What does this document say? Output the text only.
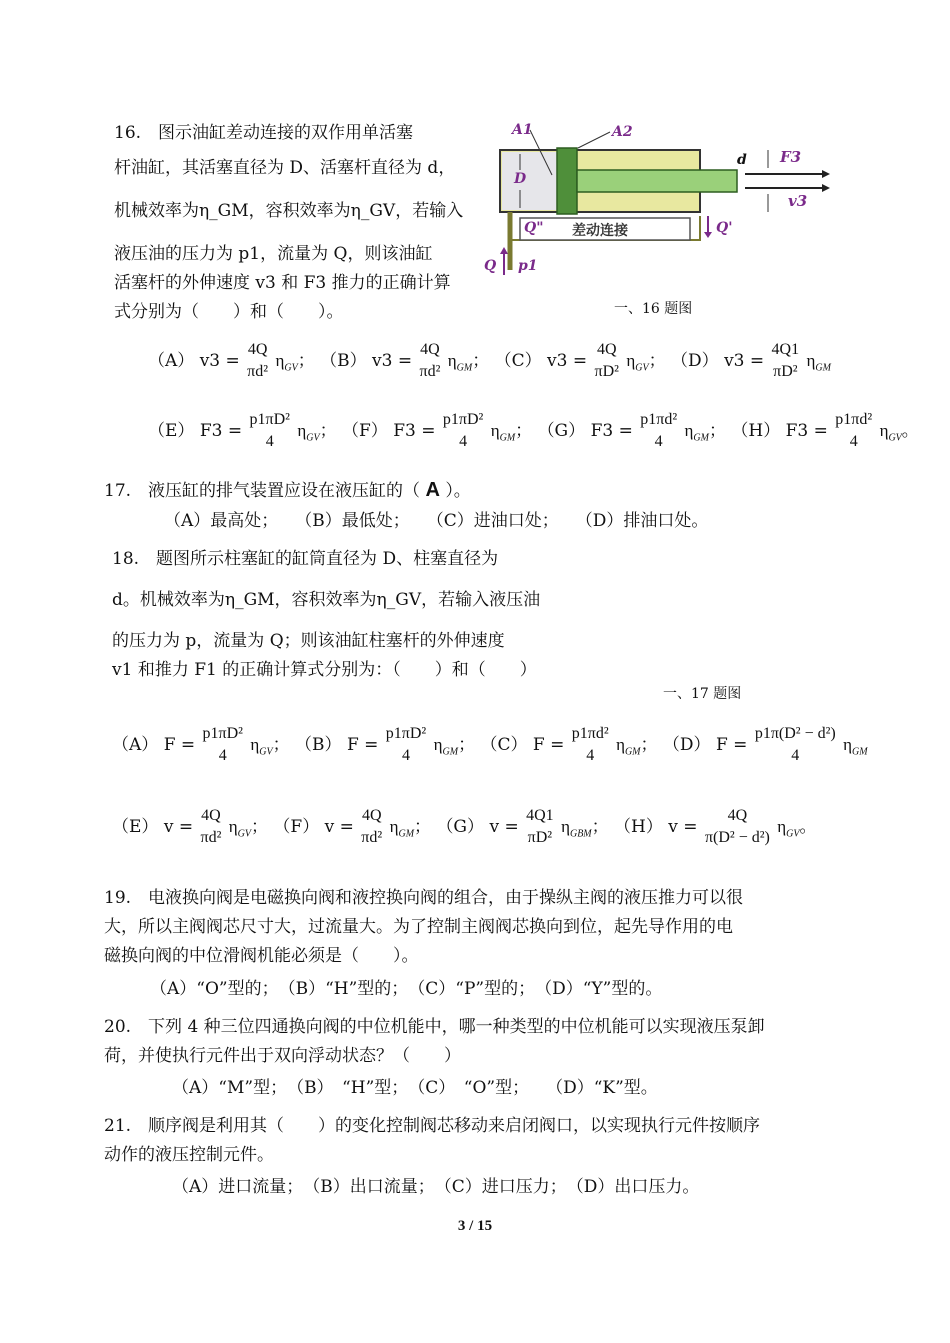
16.　图示油缸差动连接的双作用单活塞
杆油缸，其活塞直径为 D、活塞杆直径为 d，
机械效率为η_GM，容积效率为η_GV，若输入
液压油的压力为 p1，流量为 Q，则该油缸
活塞杆的外伸速度 v3 和 F3 推力的正确计算
式分别为（　　）和（　　）。
A1	A2
D
d F3
v3
Q" 差动连接	Q'
Q p1
一、16 题图
（A） v3 =
4Q
πd²
$\eta_{GV}$； （B） v3 =
4Q
πd²
$\eta_{GM}$； （C） v3 =
4Q
πD²
$\eta_{GV}$； （D） v3 =
4Q1
πD²
$\eta_{GM}$
（E） F3 =
p1πD²
4
$\eta_{GV}$； （F） F3 =
p1πD²
4
$\eta_{GM}$； （G） F3 =
p1πd²
4
$\eta_{GM}$； （H） F3 =
p1πd²
4
$\eta_{GV}$。
17.　液压缸的排气装置应设在液压缸的（ A ）。
（A）最高处；　　（B）最低处；　　（C）进油口处；　　（D）排油口处。
18.　题图所示柱塞缸的缸筒直径为 D、柱塞直径为
d。机械效率为η_GM，容积效率为η_GV，若输入液压油
的压力为 p，流量为 Q；则该油缸柱塞杆的外伸速度
v1 和推力 F1 的正确计算式分别为：（　　）和（　　）
一、17 题图
（A） F =
p1πD²
4
$\eta_{GV}$； （B） F =
p1πD²
4
$\eta_{GM}$； （C） F =
p1πd²
4
$\eta_{GM}$； （D） F =
p1π(D² − d²)
4
$\eta_{GM}$
（E） v =
4Q
πd²
$\eta_{GV}$； （F） v =
4Q
πd²
$\eta_{GM}$； （G） v =
4Q1
πD²
$\eta_{GBM}$； （H） v =
4Q
π(D² − d²)
$\eta_{GV}$。
19.　电液换向阀是电磁换向阀和液控换向阀的组合，由于操纵主阀的液压推力可以很
大，所以主阀阀芯尺寸大，过流量大。为了控制主阀阀芯换向到位，起先导作用的电
磁换向阀的中位滑阀机能必须是（　　）。
（A）“O”型的；　（B）“H”型的；　（C）“P”型的；　（D）“Y”型的。
20.　下列 4 种三位四通换向阀的中位机能中，哪一种类型的中位机能可以实现液压泵卸
荷，并使执行元件出于双向浮动状态？（　　）
（A）“M”型；　（B）　“H”型；　（C）　“O”型；　　（D）“K”型。
21.　顺序阀是利用其（　　）的变化控制阀芯移动来启闭阀口，以实现执行元件按顺序
动作的液压控制元件。
（A）进口流量；　（B）出口流量；　（C）进口压力；　（D）出口压力。
3 / 15
